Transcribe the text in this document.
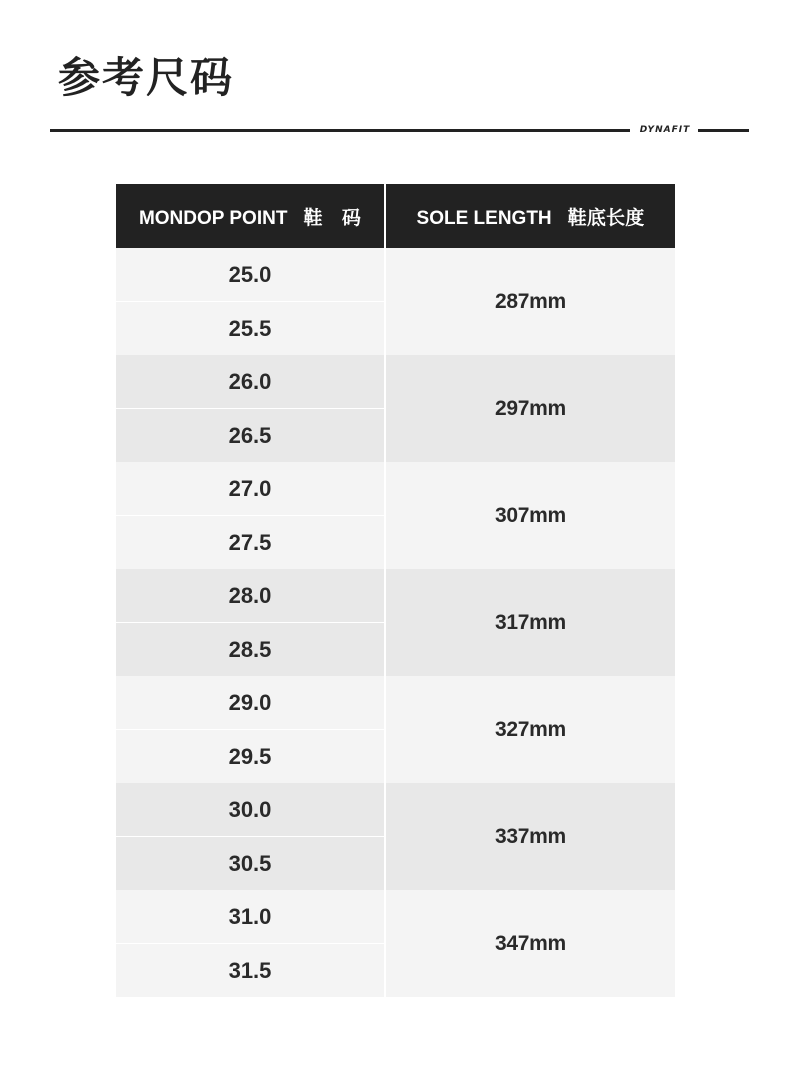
参考尺码
DYNAFIT
MONDOP POINT 鞋　码	SOLE LENGTH 鞋底长度
25.0	287mm
25.5	
26.0	297mm
26.5	
27.0	307mm
27.5	
28.0	317mm
28.5	
29.0	327mm
29.5	
30.0	337mm
30.5	
31.0	347mm
31.5	
